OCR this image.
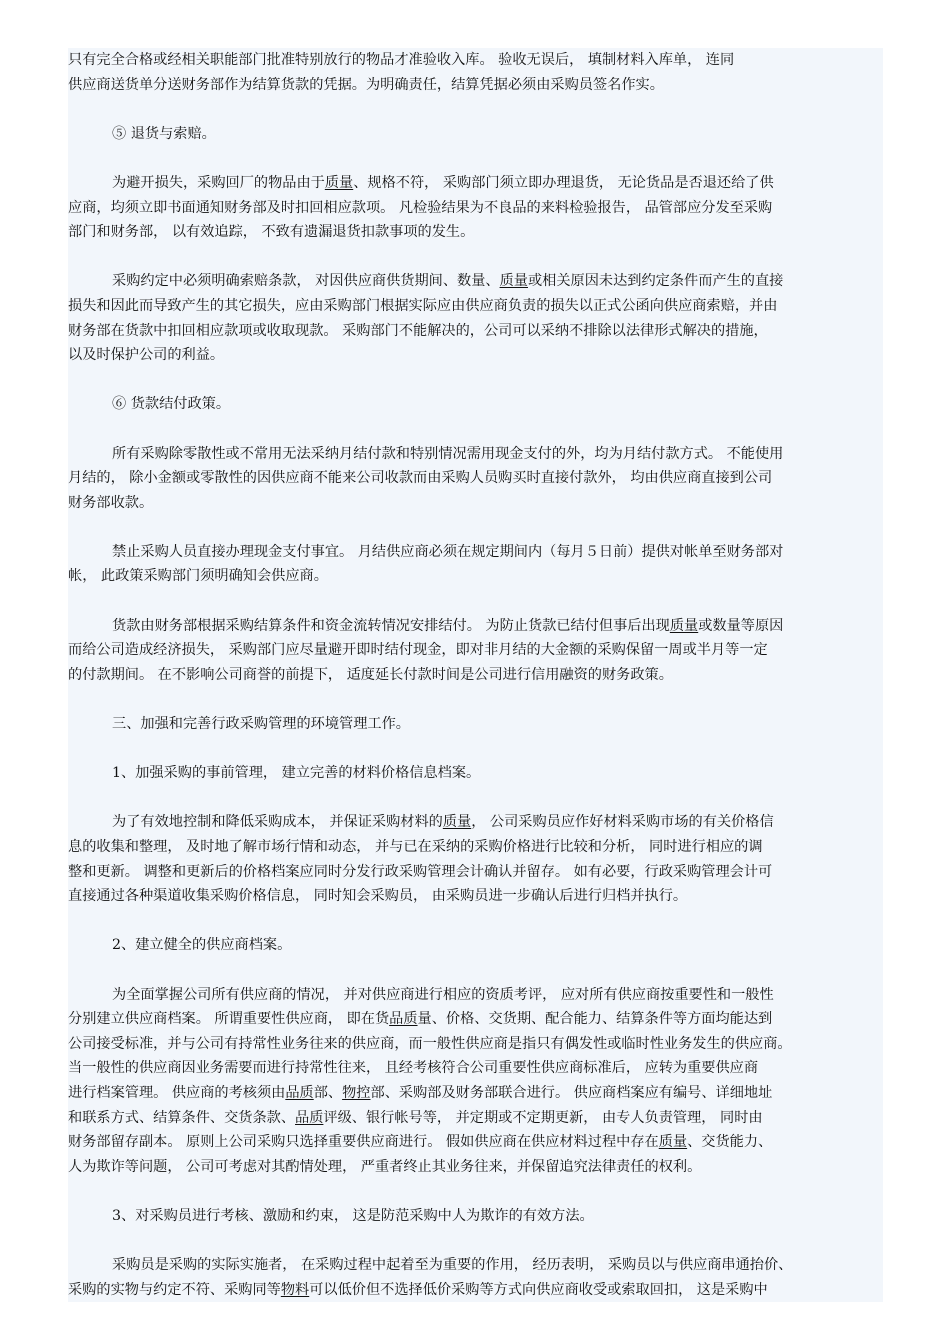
只有完全合格或经相关职能部门批准特别放行的物品才准验收入库。 验收无误后， 填制材料入库单， 连同
供应商送货单分送财务部作为结算货款的凭据。为明确责任，结算凭据必须由采购员签名作实。
⑤ 退货与索赔。
为避开损失，采购回厂的物品由于质量、规格不符， 采购部门须立即办理退货， 无论货品是否退还给了供
应商，均须立即书面通知财务部及时扣回相应款项。 凡检验结果为不良品的来料检验报告， 品管部应分发至采购
部门和财务部， 以有效追踪， 不致有遗漏退货扣款事项的发生。
采购约定中必须明确索赔条款， 对因供应商供货期间、数量、质量或相关原因未达到约定条件而产生的直接
损失和因此而导致产生的其它损失，应由采购部门根据实际应由供应商负责的损失以正式公函向供应商索赔，并由
财务部在货款中扣回相应款项或收取现款。 采购部门不能解决的，公司可以采纳不排除以法律形式解决的措施，
以及时保护公司的利益。
⑥ 货款结付政策。
所有采购除零散性或不常用无法采纳月结付款和特别情况需用现金支付的外，均为月结付款方式。 不能使用
月结的， 除小金额或零散性的因供应商不能来公司收款而由采购人员购买时直接付款外， 均由供应商直接到公司
财务部收款。
禁止采购人员直接办理现金支付事宜。 月结供应商必须在规定期间内（每月５日前）提供对帐单至财务部对
帐， 此政策采购部门须明确知会供应商。
货款由财务部根据采购结算条件和资金流转情况安排结付。 为防止货款已结付但事后出现质量或数量等原因
而给公司造成经济损失， 采购部门应尽量避开即时结付现金，即对非月结的大金额的采购保留一周或半月等一定
的付款期间。 在不影响公司商誉的前提下， 适度延长付款时间是公司进行信用融资的财务政策。
三、加强和完善行政采购管理的环境管理工作。
1、加强采购的事前管理， 建立完善的材料价格信息档案。
为了有效地控制和降低采购成本， 并保证采购材料的质量， 公司采购员应作好材料采购市场的有关价格信
息的收集和整理， 及时地了解市场行情和动态， 并与已在采纳的采购价格进行比较和分析， 同时进行相应的调
整和更新。 调整和更新后的价格档案应同时分发行政采购管理会计确认并留存。 如有必要，行政采购管理会计可
直接通过各种渠道收集采购价格信息， 同时知会采购员， 由采购员进一步确认后进行归档并执行。
2、建立健全的供应商档案。
为全面掌握公司所有供应商的情况， 并对供应商进行相应的资质考评， 应对所有供应商按重要性和一般性
分别建立供应商档案。 所谓重要性供应商， 即在货品质量、价格、交货期、配合能力、结算条件等方面均能达到
公司接受标准，并与公司有持常性业务往来的供应商，而一般性供应商是指只有偶发性或临时性业务发生的供应商。
当一般性的供应商因业务需要而进行持常性往来， 且经考核符合公司重要性供应商标准后， 应转为重要供应商
进行档案管理。 供应商的考核须由品质部、物控部、采购部及财务部联合进行。 供应商档案应有编号、详细地址
和联系方式、结算条件、交货条款、品质评级、银行帐号等， 并定期或不定期更新， 由专人负责管理， 同时由
财务部留存副本。 原则上公司采购只选择重要供应商进行。 假如供应商在供应材料过程中存在质量、交货能力、
人为欺诈等问题， 公司可考虑对其酌情处理， 严重者终止其业务往来，并保留追究法律责任的权利。
3、对采购员进行考核、激励和约束， 这是防范采购中人为欺诈的有效方法。
采购员是采购的实际实施者， 在采购过程中起着至为重要的作用， 经历表明， 采购员以与供应商串通抬价、
采购的实物与约定不符、采购同等物料可以低价但不选择低价采购等方式向供应商收受或索取回扣， 这是采购中
